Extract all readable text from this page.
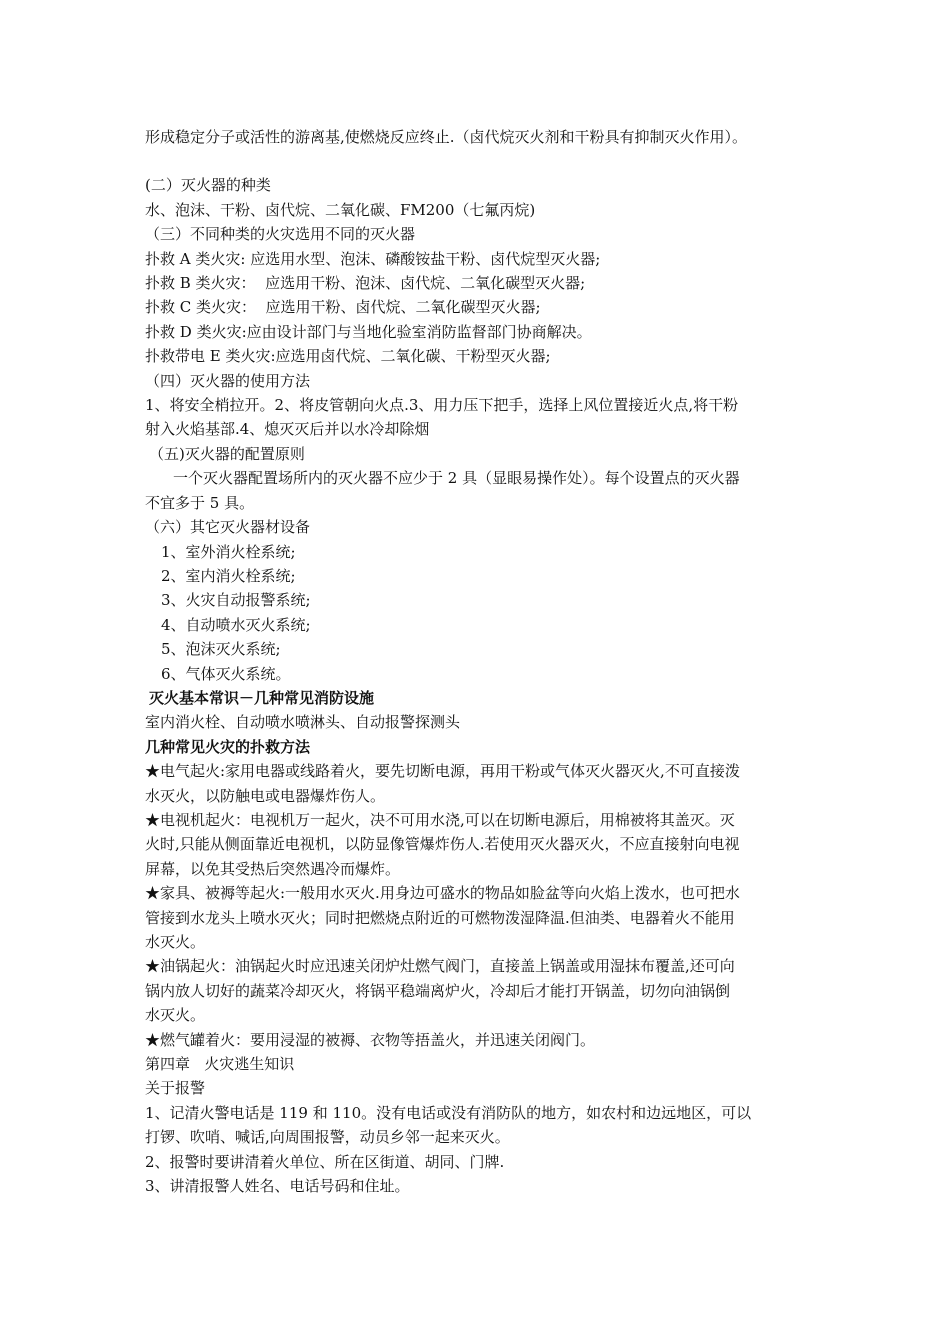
形成稳定分子或活性的游离基,使燃烧反应终止.（卤代烷灭火剂和干粉具有抑制灭火作用）。

(二）灭火器的种类

水、泡沫、干粉、卤代烷、二氧化碳、FM200（七氟丙烷)

（三）不同种类的火灾选用不同的灭火器

扑救 A 类火灾: 应选用水型、泡沫、磷酸铵盐干粉、卤代烷型灭火器;

扑救 B 类火灾：  应选用干粉、泡沫、卤代烷、二氧化碳型灭火器;

扑救 C 类火灾：  应选用干粉、卤代烷、二氧化碳型灭火器;

扑救 D 类火灾:应由设计部门与当地化验室消防监督部门协商解决。

扑救带电 E 类火灾:应选用卤代烷、二氧化碳、干粉型灭火器;

（四）灭火器的使用方法

1、将安全梢拉开。2、将皮管朝向火点.3、用力压下把手，选择上风位置接近火点,将干粉

射入火焰基部.4、熄灭灭后并以水冷却除烟

（五)灭火器的配置原则

一个灭火器配置场所内的灭火器不应少于 2 具（显眼易操作处）。每个设置点的灭火器

不宜多于 5 具。

（六）其它灭火器材设备

1、室外消火栓系统;

2、室内消火栓系统;

3、火灾自动报警系统;

4、自动喷水灭火系统;

5、泡沫灭火系统;

6、气体灭火系统。

灭火基本常识－几种常见消防设施

室内消火栓、自动喷水喷淋头、自动报警探测头

几种常见火灾的扑救方法

★电气起火:家用电器或线路着火，要先切断电源，再用干粉或气体灭火器灭火,不可直接泼

水灭火，以防触电或电器爆炸伤人。

★电视机起火：电视机万一起火，决不可用水浇,可以在切断电源后，用棉被将其盖灭。灭

火时,只能从侧面靠近电视机，以防显像管爆炸伤人.若使用灭火器灭火，不应直接射向电视

屏幕，以免其受热后突然遇冷而爆炸。

★家具、被褥等起火:一般用水灭火.用身边可盛水的物品如脸盆等向火焰上泼水，也可把水

管接到水龙头上喷水灭火；同时把燃烧点附近的可燃物泼湿降温.但油类、电器着火不能用

水灭火。

★油锅起火：油锅起火时应迅速关闭炉灶燃气阀门，直接盖上锅盖或用湿抹布覆盖,还可向

锅内放人切好的蔬菜冷却灭火，将锅平稳端离炉火，冷却后才能打开锅盖，切勿向油锅倒

水灭火。

★燃气罐着火：要用浸湿的被褥、衣物等捂盖火，并迅速关闭阀门。

第四章   火灾逃生知识

关于报警

1、记清火警电话是 119 和 110。没有电话或没有消防队的地方，如农村和边远地区，可以

打锣、吹哨、喊话,向周围报警，动员乡邻一起来灭火。

2、报警时要讲清着火单位、所在区街道、胡同、门牌.

3、讲清报警人姓名、电话号码和住址。
